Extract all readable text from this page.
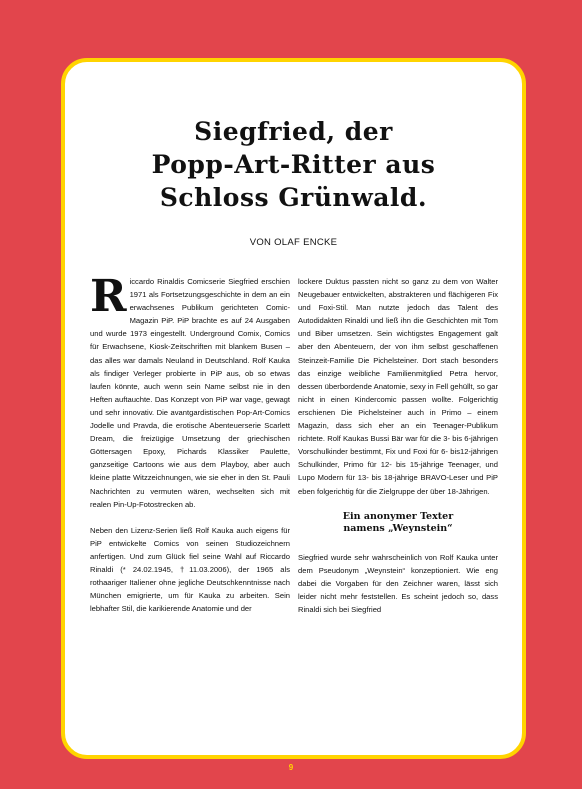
Siegfried, der
Popp-Art-Ritter aus
Schloss Grünwald.
VON OLAF ENCKE

Riccardo Rinaldis Comicserie Siegfried erschien 1971 als Fortsetzungsgeschichte in dem an ein erwachsenes Publikum gerichteten Comic-Magazin PiP. PiP brachte es auf 24 Ausgaben und wurde 1973 eingestellt. Underground Comix, Comics für Erwachsene, Kiosk-Zeitschriften mit blankem Busen – das alles war damals Neuland in Deutschland. Rolf Kauka als findiger Verleger probierte in PiP aus, ob so etwas laufen könnte, auch wenn sein Name selbst nie in den Heften auftauchte. Das Konzept von PiP war vage, gewagt und sehr innovativ. Die avantgardistischen Pop-Art-Comics Jodelle und Pravda, die erotische Abenteuerserie Scarlett Dream, die freizügige Umsetzung der griechischen Göttersagen Epoxy, Pichards Klassiker Paulette, ganzseitige Cartoons wie aus dem Playboy, aber auch kleine platte Witzzeichnungen, wie sie eher in den St. Pauli Nachrichten zu vermuten wären, wechselten sich mit realen Pin-Up-Fotostrecken ab.

Neben den Lizenz-Serien ließ Rolf Kauka auch eigens für PiP entwickelte Comics von seinen Studiozeichnern anfertigen. Und zum Glück fiel seine Wahl auf Riccardo Rinaldi (* 24.02.1945, †11.03.2006), der 1965 als rothaariger Italiener ohne jegliche Deutschkenntnisse nach München emigrierte, um für Kauka zu arbeiten. Sein lebhafter Stil, die karikierende Anatomie und der

lockere Duktus passten nicht so ganz zu dem von Walter Neugebauer entwickelten, abstrakteren und flächigeren Fix und Foxi-Stil. Man nutzte jedoch das Talent des Autodidakten Rinaldi und ließ ihn die Geschichten mit Tom und Biber umsetzen. Sein wichtigstes Engagement galt aber den Abenteuern, der von ihm selbst geschaffenen Steinzeit-Familie Die Pichelsteiner. Dort stach besonders das einzige weibliche Familienmitglied Petra hervor, dessen überbordende Anatomie, sexy in Fell gehüllt, so gar nicht in einen Kindercomic passen wollte. Folgerichtig erschienen Die Pichelsteiner auch in Primo – einem Magazin, dass sich eher an ein Teenager-Publikum richtete. Rolf Kaukas Bussi Bär war für die 3- bis 6-jährigen Vorschulkinder bestimmt, Fix und Foxi für 6- bis12-jährigen Schulkinder, Primo für 12- bis 15-jährige Teenager, und Lupo Modern für 13- bis 18-jährige BRAVO-Leser und PiP eben folgerichtig für die Zielgruppe der über 18-Jährigen.

Ein anonymer Texter
namens „Weynstein“

Siegfried wurde sehr wahrscheinlich von Rolf Kauka unter dem Pseudonym „Weynstein“ konzeptioniert. Wie eng dabei die Vorgaben für den Zeichner waren, lässt sich leider nicht mehr feststellen. Es scheint jedoch so, dass Rinaldi sich bei Siegfried

9
